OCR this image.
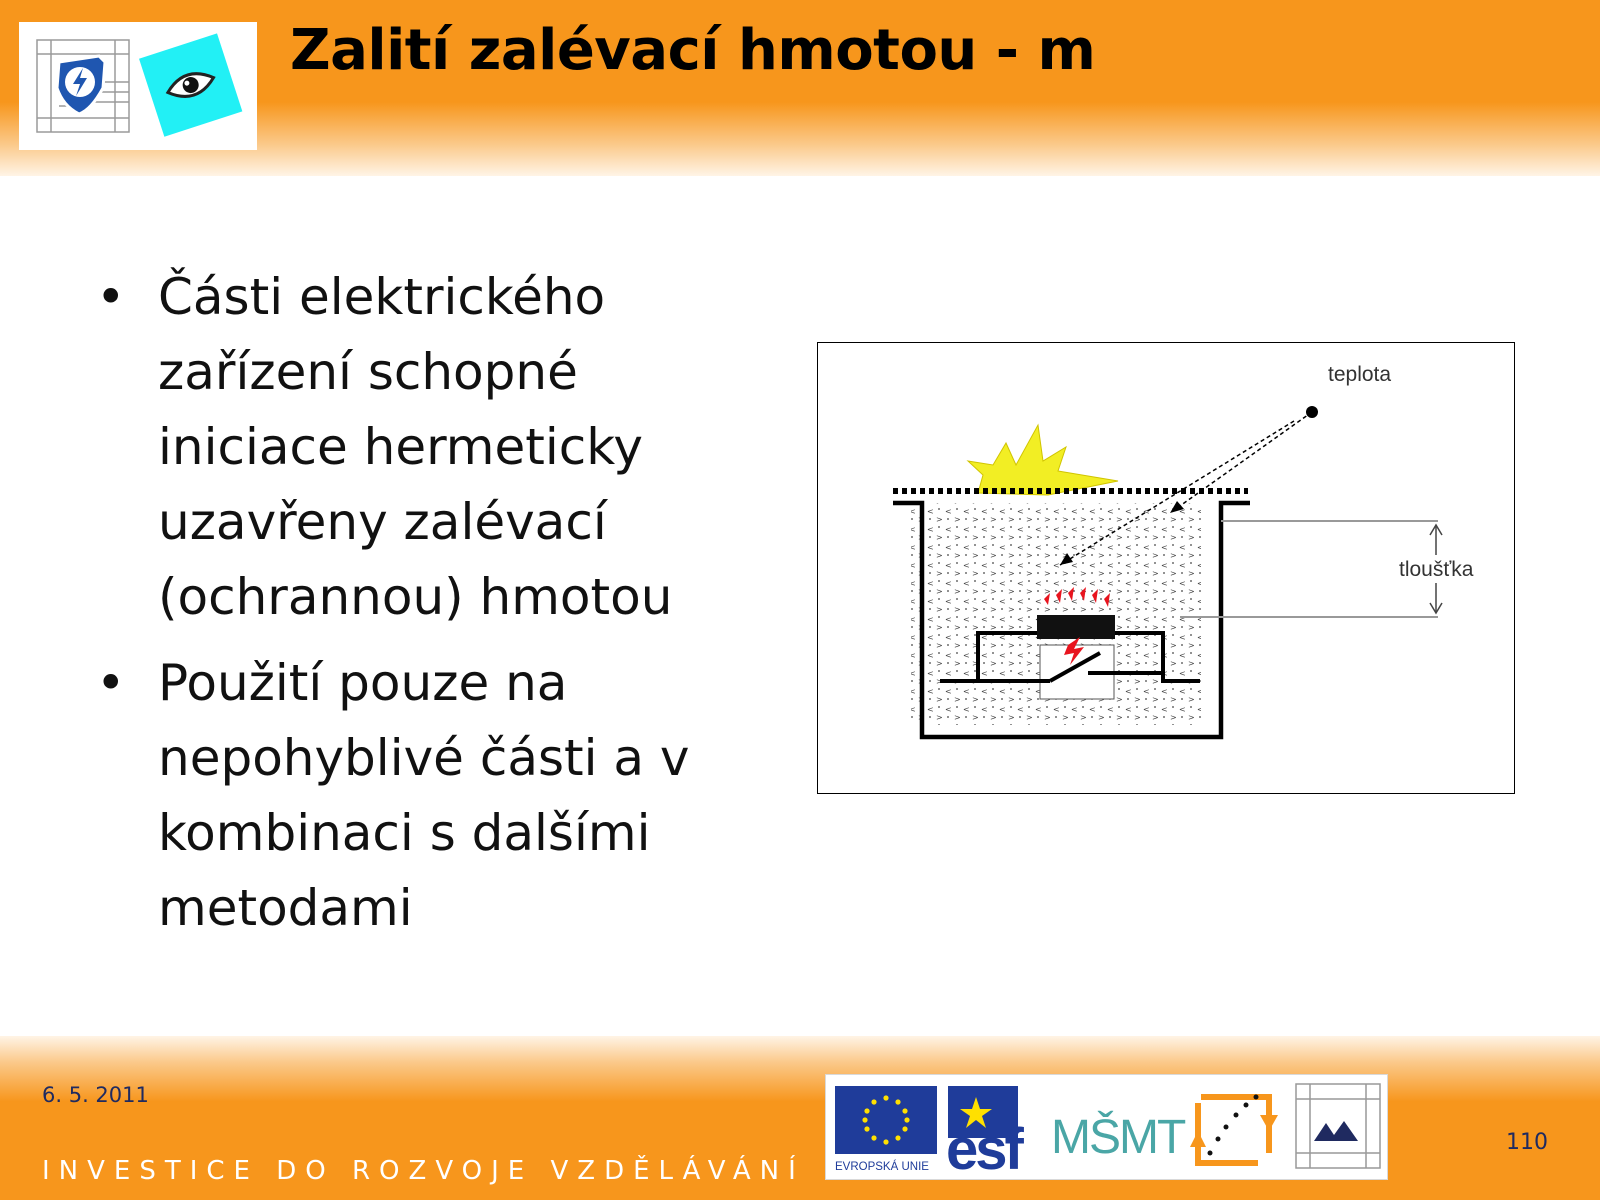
Zalití zalévací hmotou - m
• Části elektrického zařízení schopné iniciace hermeticky uzavřeny zalévací (ochrannou) hmotou
• Použití pouze na nepohyblivé části a v kombinaci s dalšími metodami
teplota
tloušťka
6. 5. 2011
INVESTICE DO ROZVOJE VZDĚLÁVÁNÍ
110
EVROPSKÁ UNIE esf MŠMT
